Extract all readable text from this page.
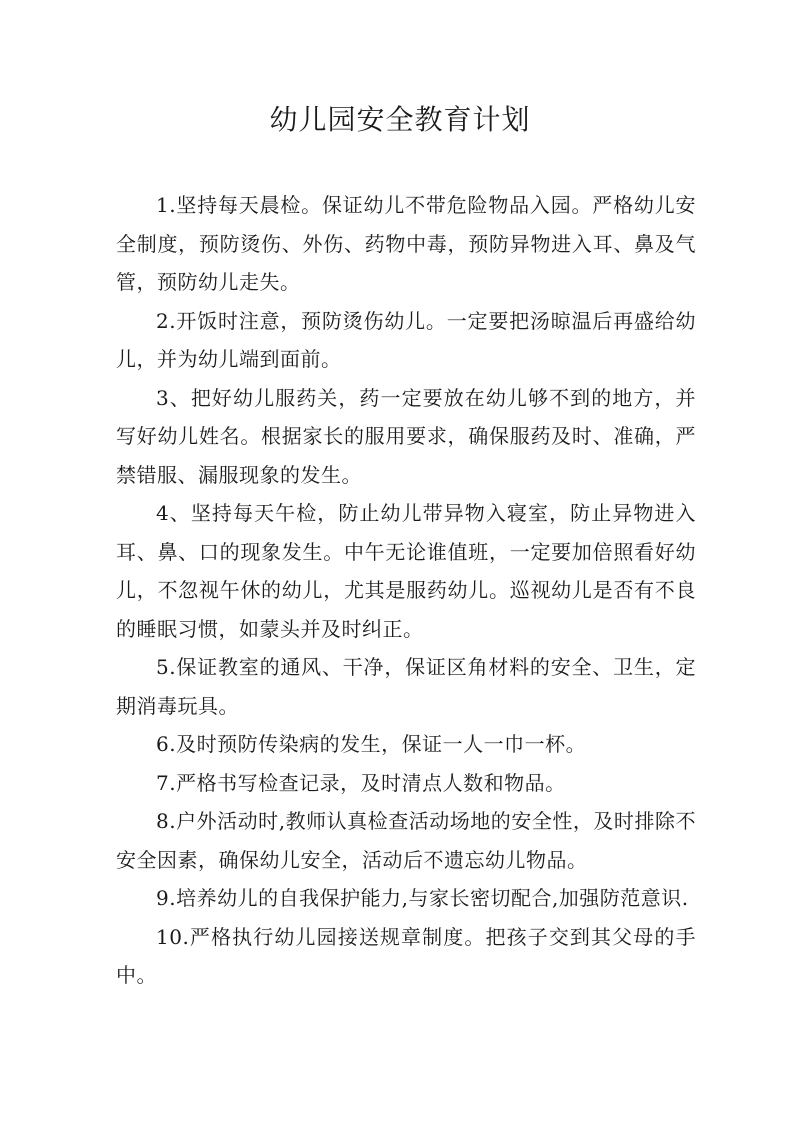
幼儿园安全教育计划

1.坚持每天晨检。保证幼儿不带危险物品入园。严格幼儿安全制度，预防烫伤、外伤、药物中毒，预防异物进入耳、鼻及气管，预防幼儿走失。

2.开饭时注意，预防烫伤幼儿。一定要把汤晾温后再盛给幼儿，并为幼儿端到面前。

3、把好幼儿服药关，药一定要放在幼儿够不到的地方，并写好幼儿姓名。根据家长的服用要求，确保服药及时、准确，严禁错服、漏服现象的发生。

4、坚持每天午检，防止幼儿带异物入寝室，防止异物进入耳、鼻、口的现象发生。中午无论谁值班，一定要加倍照看好幼儿，不忽视午休的幼儿，尤其是服药幼儿。巡视幼儿是否有不良的睡眠习惯，如蒙头并及时纠正。

5.保证教室的通风、干净，保证区角材料的安全、卫生，定期消毒玩具。

6.及时预防传染病的发生，保证一人一巾一杯。

7.严格书写检查记录，及时清点人数和物品。

8.户外活动时,教师认真检查活动场地的安全性，及时排除不安全因素，确保幼儿安全，活动后不遗忘幼儿物品。

9.培养幼儿的自我保护能力,与家长密切配合,加强防范意识.

10.严格执行幼儿园接送规章制度。把孩子交到其父母的手中。
